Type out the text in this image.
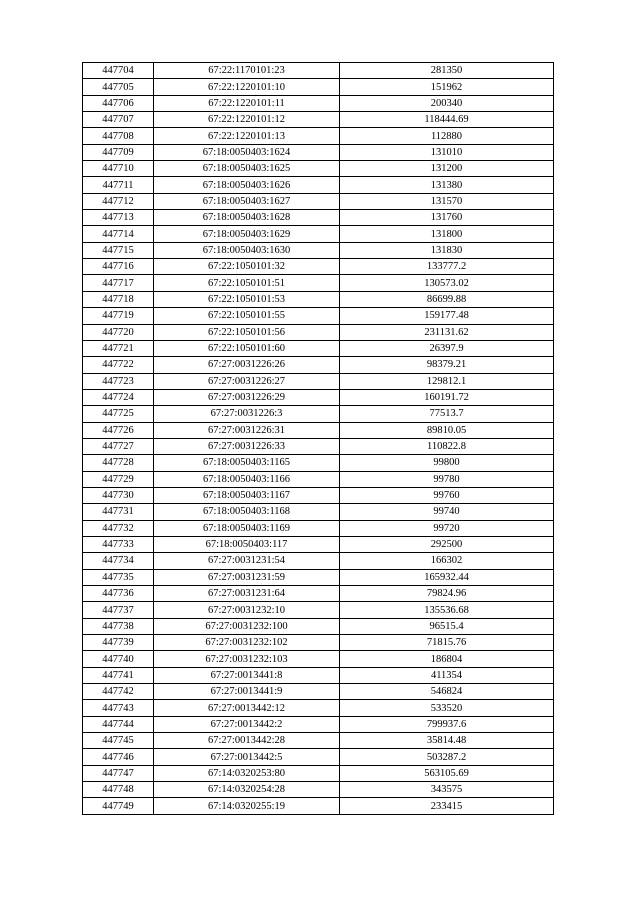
447704	67:22:1170101:23	281350
447705	67:22:1220101:10	151962
447706	67:22:1220101:11	200340
447707	67:22:1220101:12	118444.69
447708	67:22:1220101:13	112880
447709	67:18:0050403:1624	131010
447710	67:18:0050403:1625	131200
447711	67:18:0050403:1626	131380
447712	67:18:0050403:1627	131570
447713	67:18:0050403:1628	131760
447714	67:18:0050403:1629	131800
447715	67:18:0050403:1630	131830
447716	67:22:1050101:32	133777.2
447717	67:22:1050101:51	130573.02
447718	67:22:1050101:53	86699.88
447719	67:22:1050101:55	159177.48
447720	67:22:1050101:56	231131.62
447721	67:22:1050101:60	26397.9
447722	67:27:0031226:26	98379.21
447723	67:27:0031226:27	129812.1
447724	67:27:0031226:29	160191.72
447725	67:27:0031226:3	77513.7
447726	67:27:0031226:31	89810.05
447727	67:27:0031226:33	110822.8
447728	67:18:0050403:1165	99800
447729	67:18:0050403:1166	99780
447730	67:18:0050403:1167	99760
447731	67:18:0050403:1168	99740
447732	67:18:0050403:1169	99720
447733	67:18:0050403:117	292500
447734	67:27:0031231:54	166302
447735	67:27:0031231:59	165932.44
447736	67:27:0031231:64	79824.96
447737	67:27:0031232:10	135536.68
447738	67:27:0031232:100	96515.4
447739	67:27:0031232:102	71815.76
447740	67:27:0031232:103	186804
447741	67:27:0013441:8	411354
447742	67:27:0013441:9	546824
447743	67:27:0013442:12	533520
447744	67:27:0013442:2	799937.6
447745	67:27:0013442:28	35814.48
447746	67:27:0013442:5	503287.2
447747	67:14:0320253:80	563105.69
447748	67:14:0320254:28	343575
447749	67:14:0320255:19	233415
